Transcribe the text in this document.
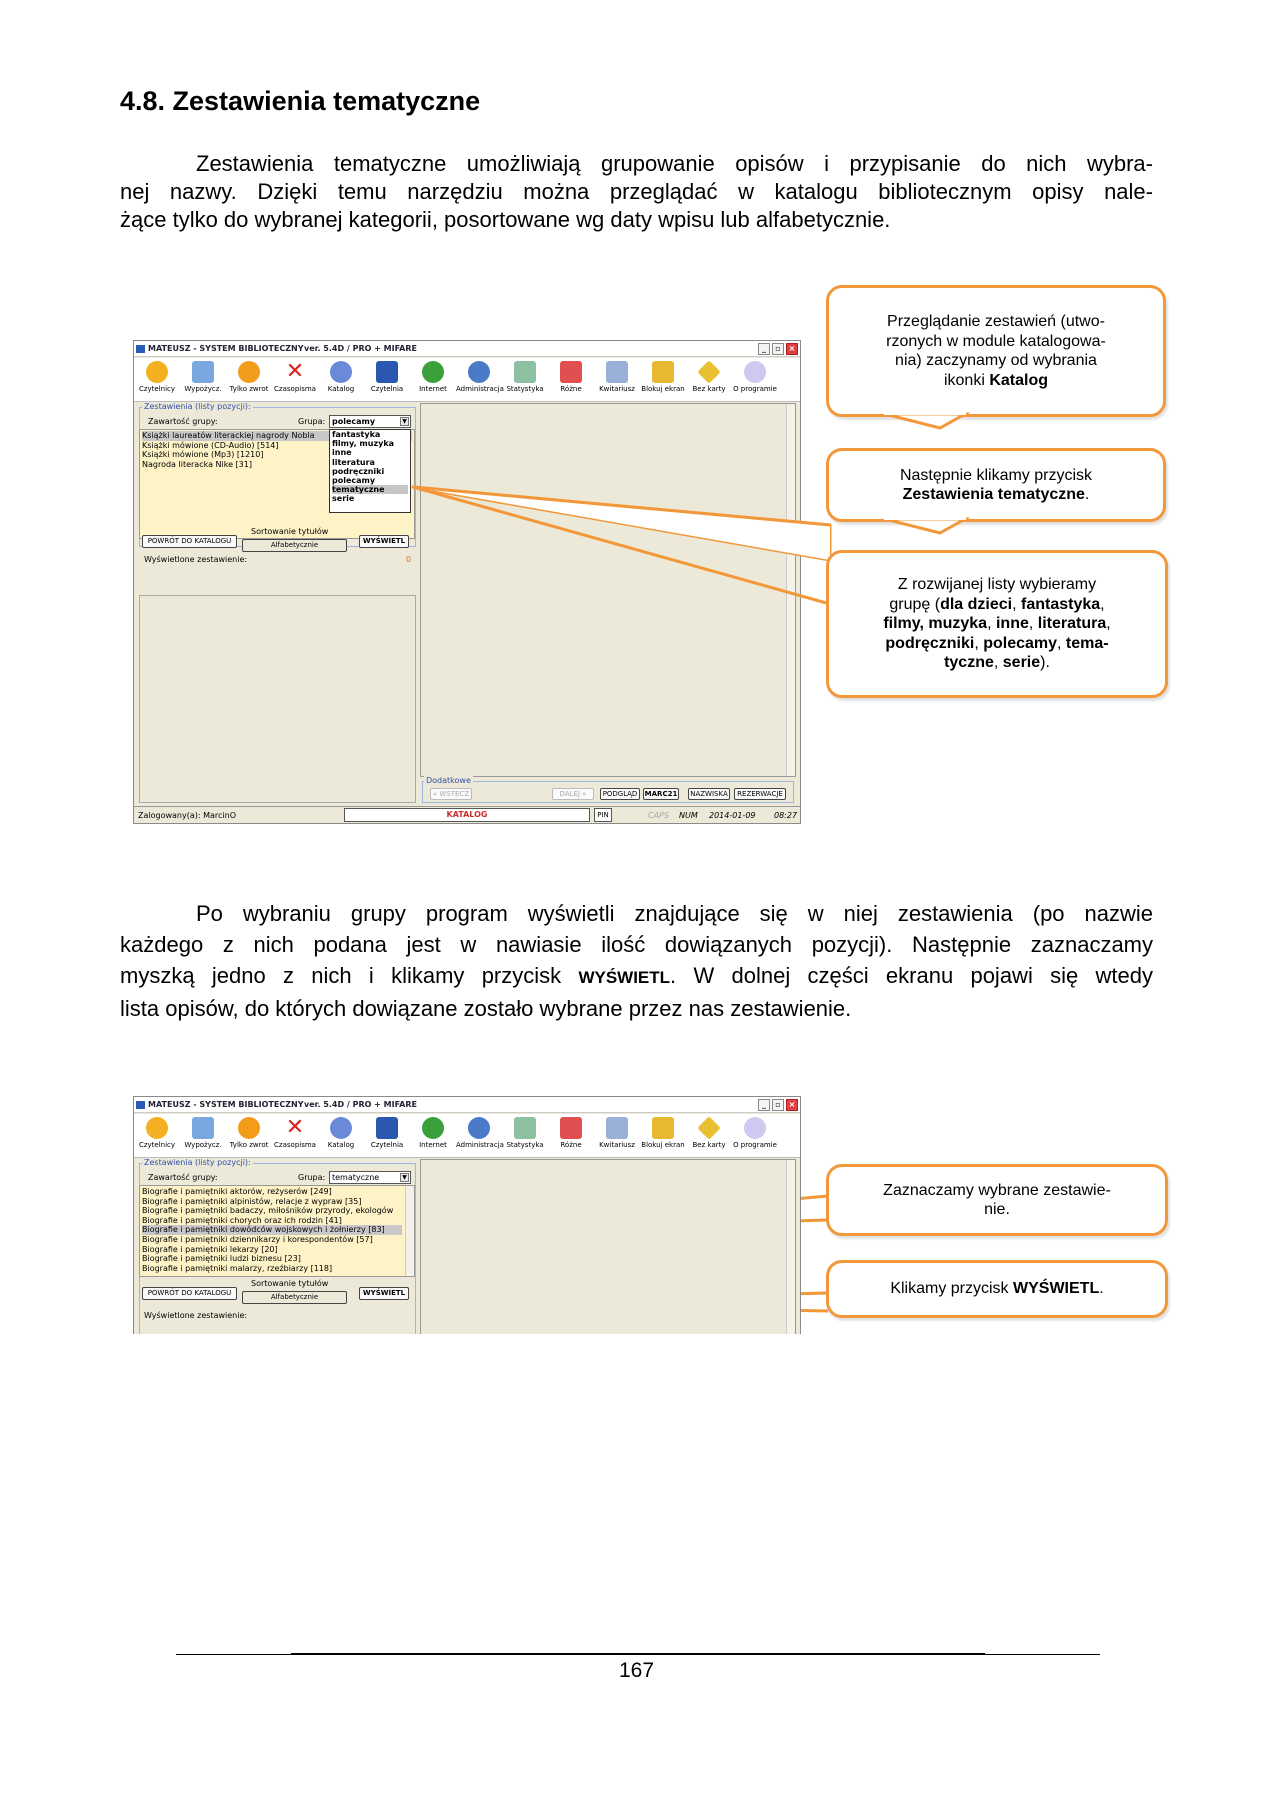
4.8. Zestawienia tematyczne
Zestawienia tematyczne umożliwiają grupowanie opisów i przypisanie do nich wybra-
nej nazwy. Dzięki temu narzędziu można przeglądać w katalogu bibliotecznym opisy nale-
żące tylko do wybranej kategorii, posortowane wg daty wpisu lub alfabetycznie.
MATEUSZ - SYSTEM BIBLIOTECZNY ver. 5.4D / PRO + MIFARE	_	▫ ×
Czytelnicy	Wypożycz.	Tylko zwrot
✕
Czasopisma	Katalog	Czytelnia	Internet	Administracja Statystyka	Różne	Kwitariusz Blokuj ekran	Bez karty	O programie
Zestawienia (listy pozycji):
Zawartość grupy:	Grupa: polecamy	▼
Książki laureatów literackiej nagrody Nobla
Książki mówione (CD-Audio) [514]
Książki mówione (Mp3) [1210]
Nagroda literacka Nike [31]
fantastyka
filmy, muzyka
inne
literatura
podręczniki
polecamy
tematyczne
serie
Sortowanie tytułów
POWRÓT DO KATALOGU	Alfabetycznie	WYŚWIETL
Wyświetlone zestawienie:	0
Dodatkowe
« WSTECZ	DALEJ »	PODGLĄD	MARC21	NAZWISKA	REZERWACJE
Zalogowany(a): MarcinO	KATALOG	PIN	CAPS NUM 2014-01-09 08:27
Przeglądanie zestawień (utwo-
rzonych w module katalogowa-
nia) zaczynamy od wybrania
ikonki Katalog
Następnie klikamy przycisk
Zestawienia tematyczne.
Z rozwijanej listy wybieramy
grupę (dla dzieci, fantastyka,
filmy, muzyka, inne, literatura,
podręczniki, polecamy, tema-
tyczne, serie).
Po wybraniu grupy program wyświetli znajdujące się w niej zestawienia (po nazwie
każdego z nich podana jest w nawiasie ilość dowiązanych pozycji). Następnie zaznaczamy
myszką jedno z nich i klikamy przycisk WYŚWIETL. W dolnej części ekranu pojawi się wtedy
lista opisów, do których dowiązane zostało wybrane przez nas zestawienie.
MATEUSZ - SYSTEM BIBLIOTECZNY ver. 5.4D / PRO + MIFARE	_	▫ ×
Czytelnicy	Wypożycz.	Tylko zwrot
✕
Czasopisma	Katalog	Czytelnia	Internet	Administracja Statystyka	Różne	Kwitariusz Blokuj ekran	Bez karty	O programie
Zestawienia (listy pozycji):
Zawartość grupy:	Grupa: tematyczne	▼
Biografie i pamiętniki aktorów, reżyserów [249]
Biografie i pamiętniki alpinistów, relacje z wypraw [35]
Biografie i pamiętniki badaczy, miłośników przyrody, ekologów
Biografie i pamiętniki chorych oraz ich rodzin [41]
Biografie i pamiętniki dowódców wojskowych i żołnierzy [83]
Biografie i pamiętniki dziennikarzy i korespondentów [57]
Biografie i pamiętniki lekarzy [20]
Biografie i pamiętniki ludzi biznesu [23]
Biografie i pamiętniki malarzy, rzeźbiarzy [118]
Sortowanie tytułów
POWRÓT DO KATALOGU	Alfabetycznie	WYŚWIETL
Wyświetlone zestawienie:
Zaznaczamy wybrane zestawie-
nie.
Klikamy przycisk WYŚWIETL.
167
